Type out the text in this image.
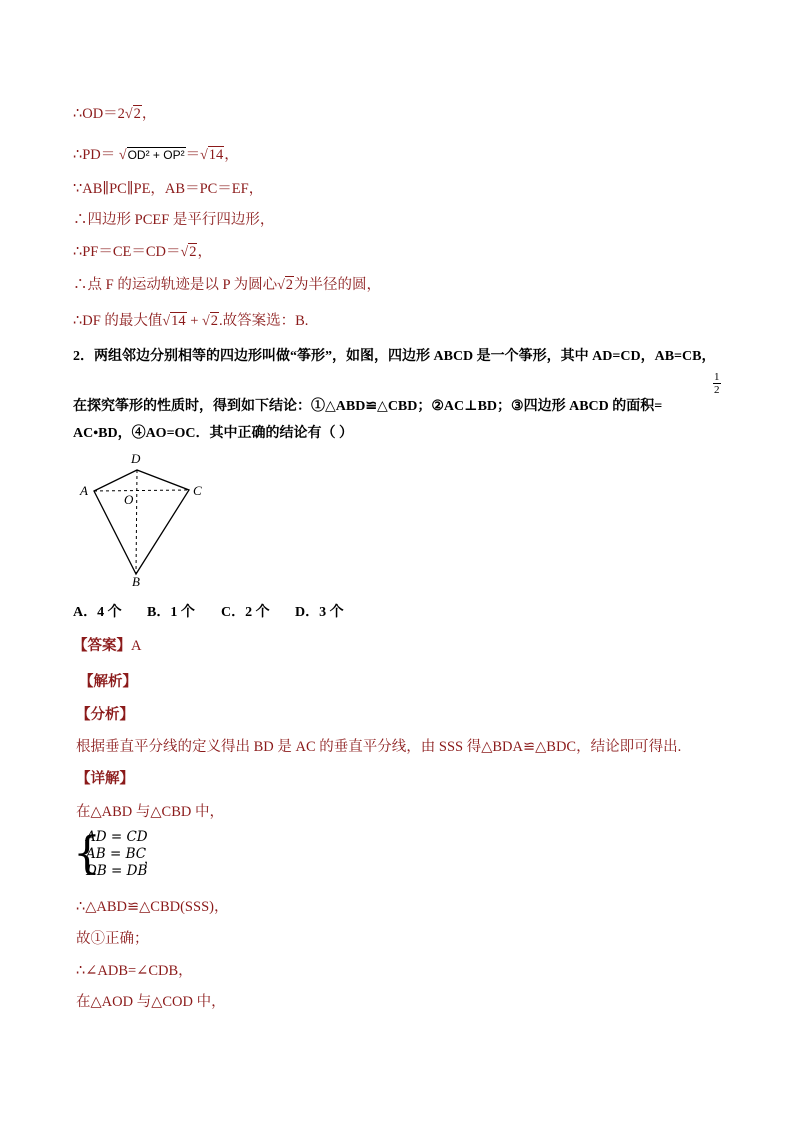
∴OD＝2√2，
∴PD＝ √OD² + OP²＝√14，
∵AB∥PC∥PE，AB＝PC＝EF，
∴四边形 PCEF 是平行四边形，
∴PF＝CE＝CD＝√2，
∴点 F 的运动轨迹是以 P 为圆心√2为半径的圆，
∴DF 的最大值√14 + √2.故答案选：B.
2．两组邻边分别相等的四边形叫做“筝形”，如图，四边形 ABCD 是一个筝形，其中 AD=CD，AB=CB，
在探究筝形的性质时，得到如下结论：①△ABD≌△CBD；②AC⊥BD；③四边形 ABCD 的面积=
$\frac{1}{2}$
AC•BD，④AO=OC．其中正确的结论有（ ）
D
A	C
O
B
A．4 个 B．1 个 C．2 个 D．3 个
【答案】A
【解析】
【分析】
根据垂直平分线的定义得出 BD 是 AC 的垂直平分线，由 SSS 得△BDA≌△BDC，结论即可得出.
【详解】
在△ABD 与△CBD 中，
{
AD = CD
AB = BC
DB = DB
，
∴△ABD≌△CBD(SSS)，
故①正确；
∴∠ADB=∠CDB，
在△AOD 与△COD 中，
